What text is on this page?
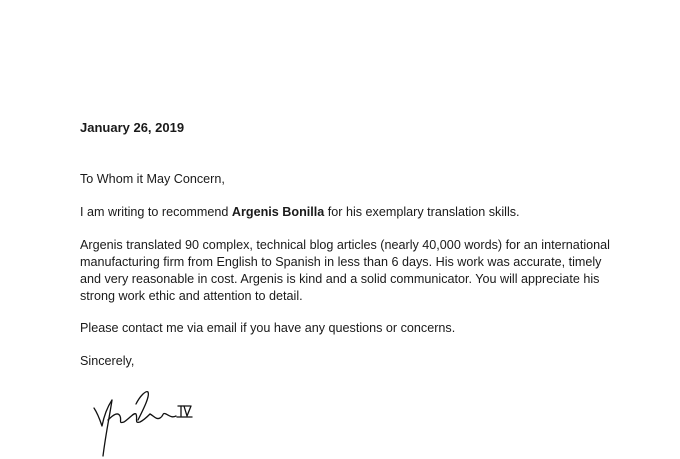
January 26, 2019

To Whom it May Concern,

I am writing to recommend Argenis Bonilla for his exemplary translation skills.

Argenis translated 90 complex, technical blog articles (nearly 40,000 words) for an international
manufacturing firm from English to Spanish in less than 6 days. His work was accurate, timely
and very reasonable in cost. Argenis is kind and a solid communicator. You will appreciate his
strong work ethic and attention to detail.

Please contact me via email if you have any questions or concerns.

Sincerely,
